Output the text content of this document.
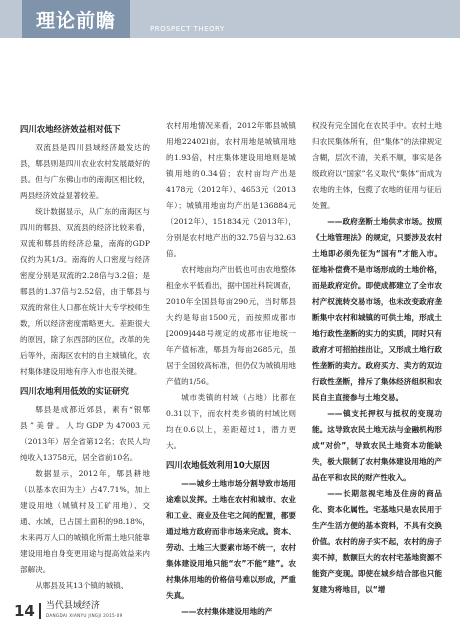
理论前瞻	PROSPECT THEORY
四川农地经济效益相对低下

双流县是四川县域经济最发达的县，郫县则是四川农业农村发展最好的县。但与广东佛山市的南海区相比较，两县经济效益显著较差。

统计数据显示，从广东的南海区与四川的郫县、双流县的经济比较来看，双流和郫县的经济总量，南海的GDP仅约为其1/3。南海的人口密度与经济密度分别是双流的2.28倍与3.2倍；是郫县的1.37倍与2.52倍，由于郫县与双流的常住人口都在统计大专学校师生数，所以经济密度需略更大。差距很大的原因，除了东西部的区位，改革的先后等外，南海区农村的自主城镇化，农村集体建设用地有序入市也很关键。

四川农地利用低效的实证研究

郫县是成都近郊县，素有“银郫县”美誉。人均GDP为47003元（2013年）居全省第12名；农民人均纯收入13758元，居全省前10名。

数据显示，2012年，郫县耕地（以基本农田为主）占47.71%，加上建设用地（城镇村及工矿用地）、交通、水域，已占国土面积的98.18%，未来再万人口的城镇化所需土地只能靠建设用地自身变更用途与提高效益来内部解决。

从郫县及其13个镇的城镇、

农村用地情况来看，2012年郫县城镇用地22402l亩，农村用地是城镇用地的1.93倍，村庄集体建设用地则是城镇用地的0.34倍；农村亩均产出是4178元（2012年）、4653元（2013年）；城镇用地亩均产出是136884元（2012年）、151834元（2013年），分别是农村地产出的32.75倍与32.63倍。

农村地亩均产出低也可由农地整体租金水平低看出，据中国社科院调查，2010年全国县每亩290元，当时郫县大约是每亩1500元，而按照成都市[2009]448号规定的成都市征地统一年产值标准，郫县为每亩2685元，虽居于全国较高标准，但仍仅为城镇用地产值的1/56。

城市类镇的村域（占地）比都在0.31以下，而农村类乡镇的村域比则均在0.6以上，差距超过1，潜力更大。

四川农地低效利用10大原因

——城乡土地市场分割导致市场用途难以发挥。土地在农村和城市、农业和工业、商业及住宅之间的配置，都要通过地方政府而非市场来完成。资本、劳动、土地三大要素市场不统一，农村集体建设用地只能“农”不能“建”。农村集体用地的价格信号难以形成，严重失真。

——农村集体建设用地的产

权没有完全国化在农民手中。农村土地归农民集体所有，但“集体”的法律规定含糊，层次不清，关系不顺，事实是各级政府以“国家”名义取代“集体”而成为农地的主体，包揽了农地的征用与征后处置。

——政府垄断土地供求市场。按照《土地管理法》的规定，只要涉及农村土地即必须先征为“国有”才能入市。征地补偿费不是市场形成的土地价格，而是政府定价。即使成都建立了全市农村产权流转交易市场，也未改变政府垄断集中农村和城镇的可供土地，形成土地行政性垄断的实力的实质，同时只有政府才可招拍挂出让，又形成土地行政性垄断的卖方。政府买方、卖方的双边行政性垄断，排斥了集体经济组织和农民自主直接参与土地交易。

——镇支托押权与抵权的变现功能。这导致农民土地无法与金融机构形成“对价”，导致农民土地资本功能缺失，极大限制了农村集体建设用地的产品在平和农民的财产性收入。

——长期忽视宅地及住房的商品化、资本化属性。宅基地只是农民用于生产生活方便的基本资料，不具有交换价值。农村的房子实不起，农村的房子卖不掉，数额巨大的农村宅基地资源不能资产变现。即使在城乡结合部也只能复建为将地目，以“增

14 当代县域经济
DANGDAI XIANYU JINGJI 2015·09
